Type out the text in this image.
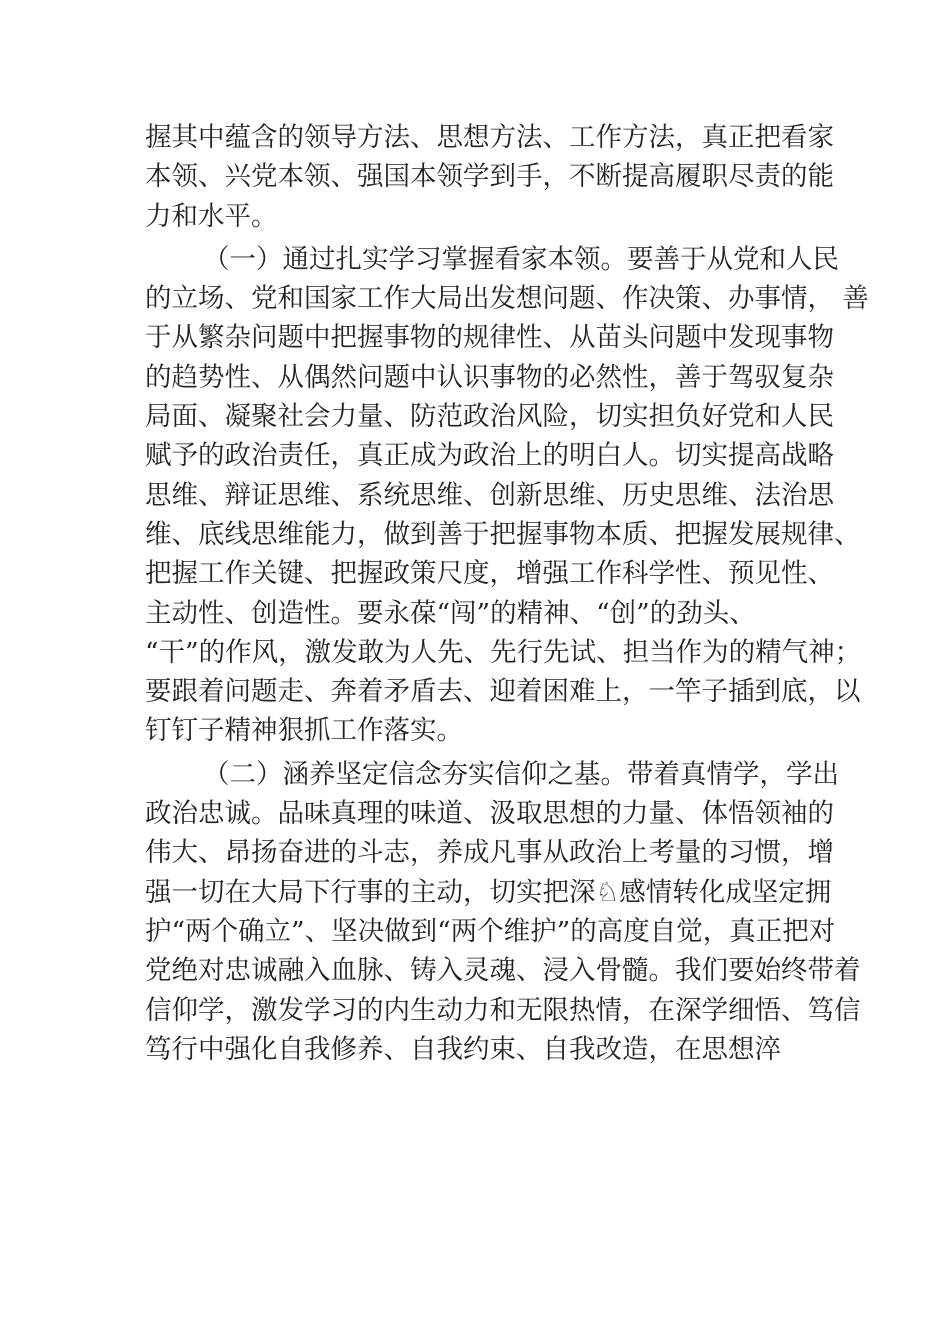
握其中蕴含的领导方法、思想方法、工作方法，真正把看家
本领、兴党本领、强国本领学到手，不断提高履职尽责的能
力和水平。
（一）通过扎实学习掌握看家本领。要善于从党和人民
的立场、党和国家工作大局出发想问题、作决策、办事情， 善
于从繁杂问题中把握事物的规律性、从苗头问题中发现事物
的趋势性、从偶然问题中认识事物的必然性，善于驾驭复杂
局面、凝聚社会力量、防范政治风险，切实担负好党和人民
赋予的政治责任，真正成为政治上的明白人。切实提高战略
思维、辩证思维、系统思维、创新思维、历史思维、法治思
维、底线思维能力，做到善于把握事物本质、把握发展规律、
把握工作关键、把握政策尺度，增强工作科学性、预见性、
主动性、创造性。要永葆“闯”的精神、“创”的劲头、
“干”的作风，激发敢为人先、先行先试、担当作为的精气神；
要跟着问题走、奔着矛盾去、迎着困难上，一竿子插到底，以
钉钉子精神狠抓工作落实。
（二）涵养坚定信念夯实信仰之基。带着真情学，学出
政治忠诚。品味真理的味道、汲取思想的力量、体悟领袖的
伟大、昂扬奋进的斗志，养成凡事从政治上考量的习惯，增
强一切在大局下行事的主动，切实把深♘感情转化成坚定拥
护“两个确立”、坚决做到“两个维护”的高度自觉，真正把对
党绝对忠诚融入血脉、铸入灵魂、浸入骨髓。我们要始终带着
信仰学，激发学习的内生动力和无限热情，在深学细悟、笃信
笃行中强化自我修养、自我约束、自我改造，在思想淬
